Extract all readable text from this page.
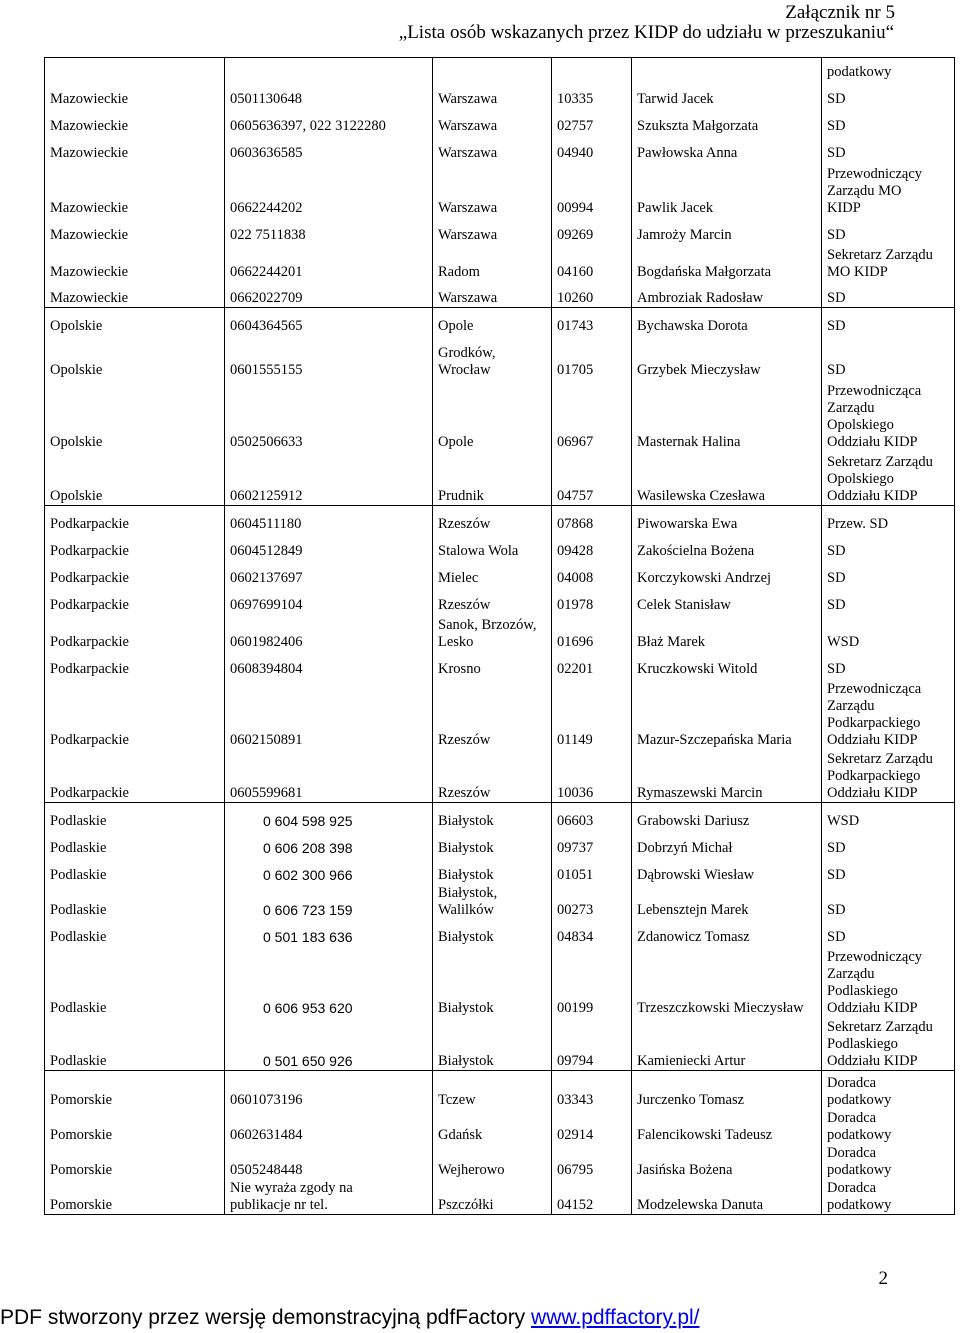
Załącznik nr 5
„Lista osób wskazanych przez KIDP do udziału w przeszukaniu“
					podatkowy
Mazowieckie	0501130648	Warszawa	10335	Tarwid Jacek	SD
Mazowieckie	0605636397, 022 3122280	Warszawa	02757	Szukszta Małgorzata	SD
Mazowieckie	0603636585	Warszawa	04940	Pawłowska Anna	SD
Mazowieckie	0662244202	Warszawa	00994	Pawlik Jacek	Przewodniczący
Zarządu MO
KIDP
Mazowieckie	022 7511838	Warszawa	09269	Jamroży Marcin	SD
Mazowieckie	0662244201	Radom	04160	Bogdańska Małgorzata	Sekretarz Zarządu
MO KIDP
Mazowieckie	0662022709	Warszawa	10260	Ambroziak Radosław	SD
Opolskie	0604364565	Opole	01743	Bychawska Dorota	SD
Opolskie	0601555155	Grodków,
Wrocław	01705	Grzybek Mieczysław	SD
Opolskie	0502506633	Opole	06967	Masternak Halina	Przewodnicząca
Zarządu
Opolskiego
Oddziału KIDP
Opolskie	0602125912	Prudnik	04757	Wasilewska Czesława	Sekretarz Zarządu
Opolskiego
Oddziału KIDP
Podkarpackie	0604511180	Rzeszów	07868	Piwowarska Ewa	Przew. SD
Podkarpackie	0604512849	Stalowa Wola	09428	Zakościelna Bożena	SD
Podkarpackie	0602137697	Mielec	04008	Korczykowski Andrzej	SD
Podkarpackie	0697699104	Rzeszów	01978	Celek Stanisław	SD
Podkarpackie	0601982406	Sanok, Brzozów,
Lesko	01696	Błaż Marek	WSD
Podkarpackie	0608394804	Krosno	02201	Kruczkowski Witold	SD
Podkarpackie	0602150891	Rzeszów	01149	Mazur-Szczepańska Maria	Przewodnicząca
Zarządu
Podkarpackiego
Oddziału KIDP
Podkarpackie	0605599681	Rzeszów	10036	Rymaszewski Marcin	Sekretarz Zarządu
Podkarpackiego
Oddziału KIDP
Podlaskie	0 604 598 925	Białystok	06603	Grabowski Dariusz	WSD
Podlaskie	0 606 208 398	Białystok	09737	Dobrzyń Michał	SD
Podlaskie	0 602 300 966	Białystok	01051	Dąbrowski Wiesław	SD
Podlaskie	0 606 723 159	Białystok,
Walilków	00273	Lebensztejn Marek	SD
Podlaskie	0 501 183 636	Białystok	04834	Zdanowicz Tomasz	SD
Podlaskie	0 606 953 620	Białystok	00199	Trzeszczkowski Mieczysław	Przewodniczący
Zarządu
Podlaskiego
Oddziału KIDP
Podlaskie	0 501 650 926	Białystok	09794	Kamieniecki Artur	Sekretarz Zarządu
Podlaskiego
Oddziału KIDP
Pomorskie	0601073196	Tczew	03343	Jurczenko Tomasz	Doradca
podatkowy
Pomorskie	0602631484	Gdańsk	02914	Falencikowski Tadeusz	Doradca
podatkowy
Pomorskie	0505248448	Wejherowo	06795	Jasińska Bożena	Doradca
podatkowy
Pomorskie	Nie wyraża zgody na
publikacje nr tel.	Pszczółki	04152	Modzelewska Danuta	Doradca
podatkowy
2
PDF stworzony przez wersję demonstracyjną pdfFactory www.pdffactory.pl/
